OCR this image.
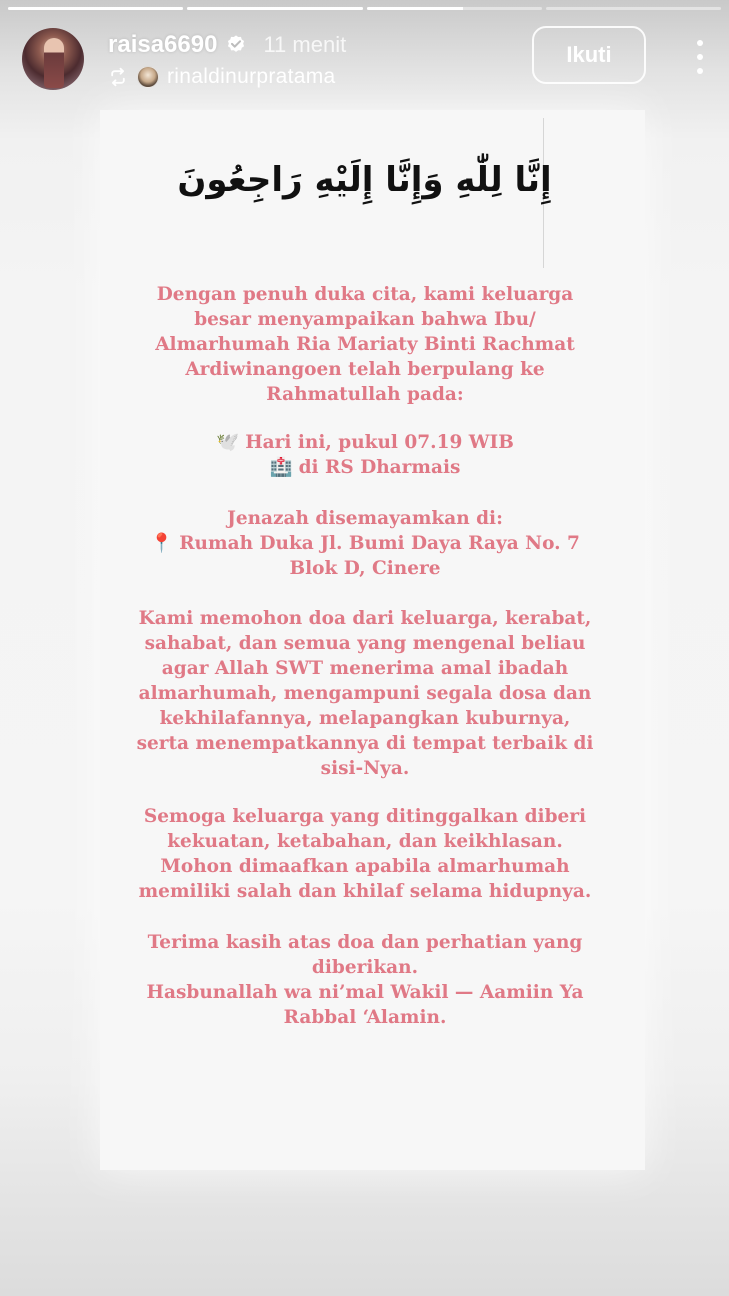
raisa6690 11 menit
rinaldinurpratama
Ikuti
إِنَّا لِلّٰهِ وَإِنَّا إِلَيْهِ رَاجِعُونَ
Dengan penuh duka cita, kami keluarga
besar menyampaikan bahwa Ibu/
Almarhumah Ria Mariaty Binti Rachmat
Ardiwinangoen telah berpulang ke
Rahmatullah pada:
🕊️ Hari ini, pukul 07.19 WIB
🏥 di RS Dharmais
Jenazah disemayamkan di:
📍 Rumah Duka Jl. Bumi Daya Raya No. 7
Blok D, Cinere
Kami memohon doa dari keluarga, kerabat,
sahabat, dan semua yang mengenal beliau
agar Allah SWT menerima amal ibadah
almarhumah, mengampuni segala dosa dan
kekhilafannya, melapangkan kuburnya,
serta menempatkannya di tempat terbaik di
sisi-Nya.
Semoga keluarga yang ditinggalkan diberi
kekuatan, ketabahan, dan keikhlasan.
Mohon dimaafkan apabila almarhumah
memiliki salah dan khilaf selama hidupnya.
Terima kasih atas doa dan perhatian yang
diberikan.
Hasbunallah wa ni’mal Wakil — Aamiin Ya
Rabbal ‘Alamin.
